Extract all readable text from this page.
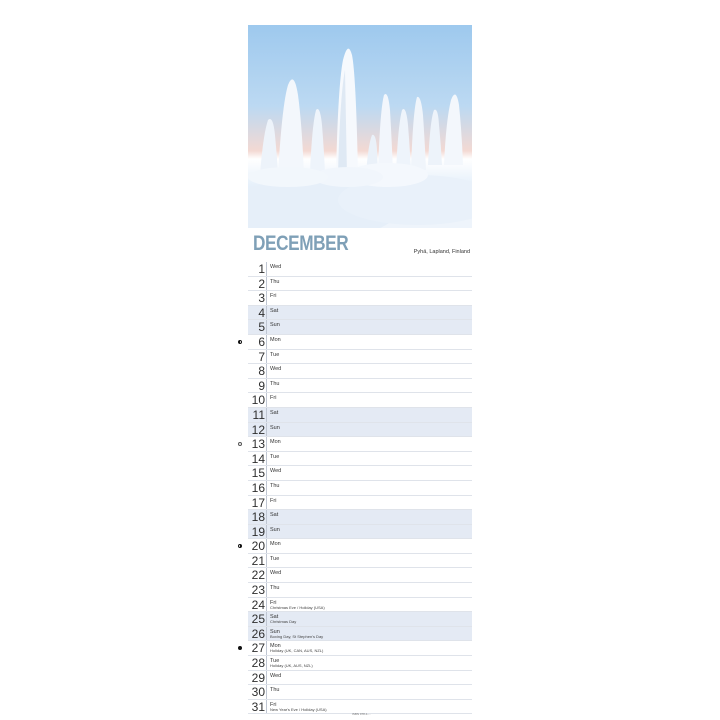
DECEMBER	Pyhä, Lapland, Finland
1 Wed
2 Thu
3 Fri
4 Sat
5 Sun
6 Mon
7 Tue
8 Wed
9 Thu
10 Fri
11 Sat
12 Sun
13 Mon
14 Tue
15 Wed
16 Thu
17 Fri
18 Sat
19 Sun
20 Mon
21 Tue
22 Wed
23 Thu
24 Fri
Christmas Eve / Holiday (USA)
25 Sat
Christmas Day
26 Sun
Boxing Day, St Stephen's Day
27 Mon
Holiday (UK, CAN, AUS, NZL)
28 Tue
Holiday (UK, AUS, NZL)
29 Wed
30 Thu
31 Fri
New Year's Eve / Holiday (USA)
ISBN 978-1-...
